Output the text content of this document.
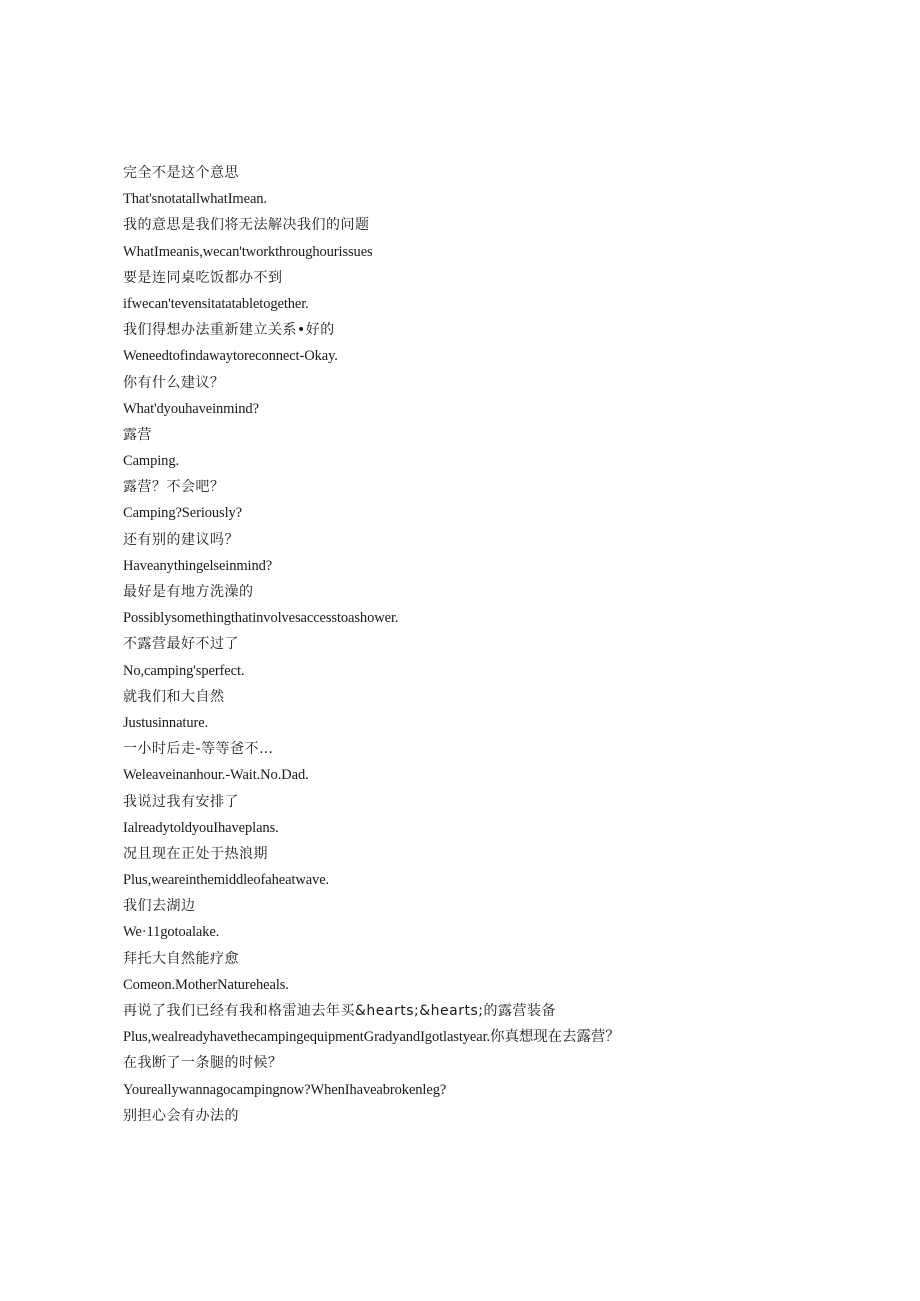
完全不是这个意思
That'snotatallwhatImean.
我的意思是我们将无法解决我们的问题
WhatImeanis,wecan'tworkthroughourissues
要是连同桌吃饭都办不到
ifwecan'tevensitatatabletogether.
我们得想办法重新建立关系•好的
Weneedtofindawaytoreconnect-Okay.
你有什么建议？
What'dyouhaveinmind?
露营
Camping.
露营？不会吧？
Camping?Seriously?
还有别的建议吗？
Haveanythingelseinmind?
最好是有地方洗澡的
Possiblysomethingthatinvolvesaccesstoashower.
不露营最好不过了
No,camping'sperfect.
就我们和大自然
Justusinnature.
一小时后走-等等爸不…
Weleaveinanhour.-Wait.No.Dad.
我说过我有安排了
IalreadytoldyouIhaveplans.
况且现在正处于热浪期
Plus,weareinthemiddleofaheatwave.
我们去湖边
We·11gotoalake.
拜托大自然能疗愈
Comeon.MotherNatureheals.
再说了我们已经有我和格雷迪去年买&hearts;&hearts;的露营装备
Plus,wealreadyhavethecampingequipmentGradyandIgotlastyear.你真想现在去露营？
在我断了一条腿的时候？
Youreallywannagocampingnow?WhenIhaveabrokenleg?
别担心会有办法的
